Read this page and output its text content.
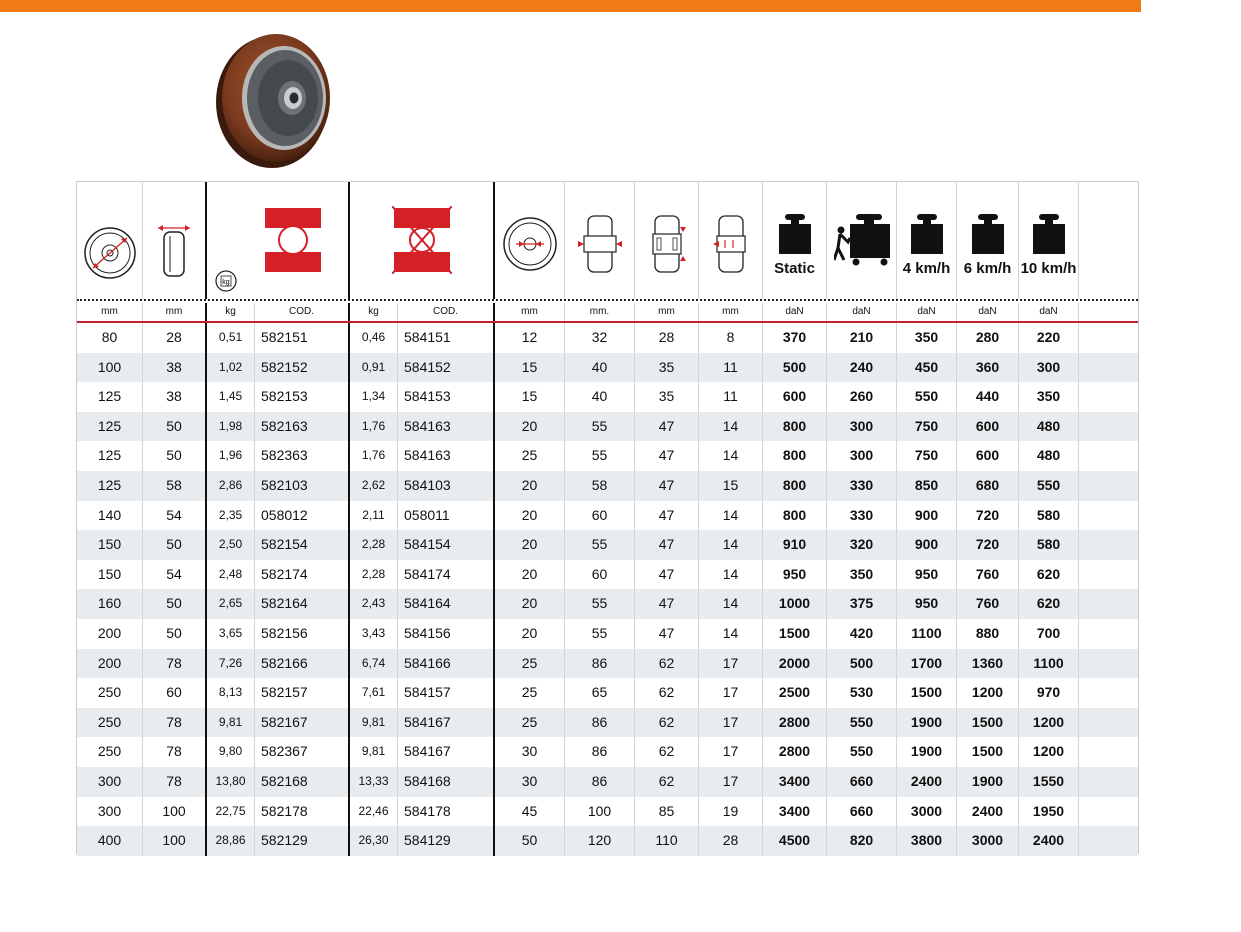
kg
Static	4 km/h 6 km/h 10 km/h
mm	mm	kg	COD.	kg	COD.	mm	mm.	mm	mm	daN	daN	daN	daN	daN
80	28	0,51	582151	0,46	584151	12	32	28	8	370	210	350	280	220
100	38	1,02	582152	0,91	584152	15	40	35	11	500	240	450	360	300
125	38	1,45	582153	1,34	584153	15	40	35	11	600	260	550	440	350
125	50	1,98	582163	1,76	584163	20	55	47	14	800	300	750	600	480
125	50	1,96	582363	1,76	584163	25	55	47	14	800	300	750	600	480
125	58	2,86	582103	2,62	584103	20	58	47	15	800	330	850	680	550
140	54	2,35	058012	2,11	058011	20	60	47	14	800	330	900	720	580
150	50	2,50	582154	2,28	584154	20	55	47	14	910	320	900	720	580
150	54	2,48	582174	2,28	584174	20	60	47	14	950	350	950	760	620
160	50	2,65	582164	2,43	584164	20	55	47	14	1000	375	950	760	620
200	50	3,65	582156	3,43	584156	20	55	47	14	1500	420	1100	880	700
200	78	7,26	582166	6,74	584166	25	86	62	17	2000	500	1700	1360	1100
250	60	8,13	582157	7,61	584157	25	65	62	17	2500	530	1500	1200	970
250	78	9,81	582167	9,81	584167	25	86	62	17	2800	550	1900	1500	1200
250	78	9,80	582367	9,81	584167	30	86	62	17	2800	550	1900	1500	1200
300	78	13,80	582168	13,33	584168	30	86	62	17	3400	660	2400	1900	1550
300	100	22,75	582178	22,46	584178	45	100	85	19	3400	660	3000	2400	1950
400	100	28,86	582129	26,30	584129	50	120	110	28	4500	820	3800	3000	2400
